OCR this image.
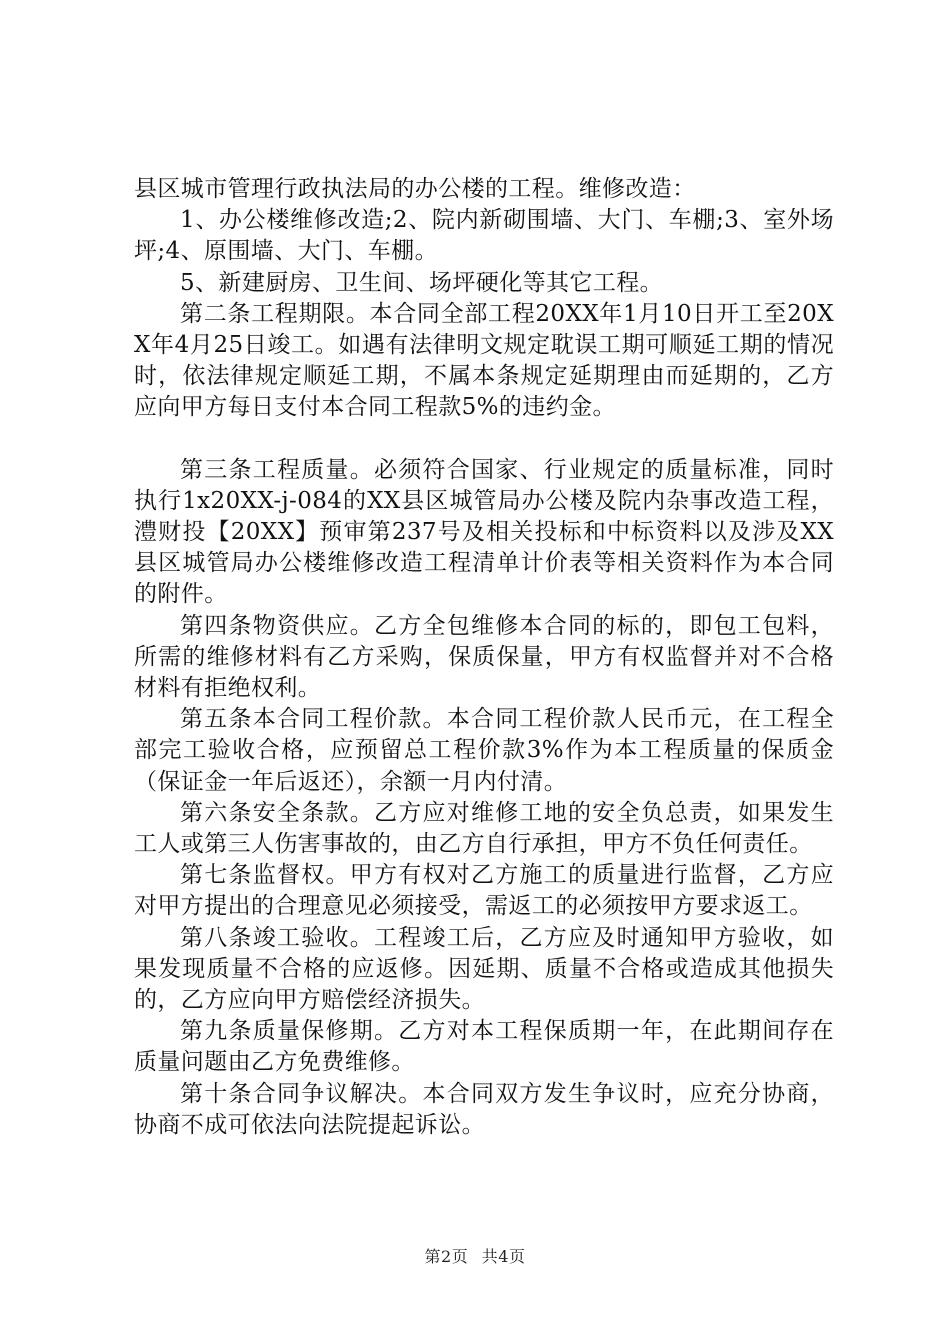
县区城市管理行政执法局的办公楼的工程。维修改造：

1、办公楼维修改造;2、院内新砌围墙、大门、车棚;3、室外场坪;4、原围墙、大门、车棚。

5、新建厨房、卫生间、场坪硬化等其它工程。

第二条工程期限。本合同全部工程20XX年1月10日开工至20XX年4月25日竣工。如遇有法律明文规定耽误工期可顺延工期的情况时，依法律规定顺延工期，不属本条规定延期理由而延期的，乙方应向甲方每日支付本合同工程款5%的违约金。

第三条工程质量。必须符合国家、行业规定的质量标准，同时执行1x20XX-j-084的XX县区城管局办公楼及院内杂事改造工程，澧财投【20XX】预审第237号及相关投标和中标资料以及涉及XX县区城管局办公楼维修改造工程清单计价表等相关资料作为本合同的附件。

第四条物资供应。乙方全包维修本合同的标的，即包工包料，所需的维修材料有乙方采购，保质保量，甲方有权监督并对不合格材料有拒绝权利。

第五条本合同工程价款。本合同工程价款人民币元，在工程全部完工验收合格，应预留总工程价款3%作为本工程质量的保质金（保证金一年后返还），余额一月内付清。

第六条安全条款。乙方应对维修工地的安全负总责，如果发生工人或第三人伤害事故的，由乙方自行承担，甲方不负任何责任。

第七条监督权。甲方有权对乙方施工的质量进行监督，乙方应对甲方提出的合理意见必须接受，需返工的必须按甲方要求返工。

第八条竣工验收。工程竣工后，乙方应及时通知甲方验收，如果发现质量不合格的应返修。因延期、质量不合格或造成其他损失的，乙方应向甲方赔偿经济损失。

第九条质量保修期。乙方对本工程保质期一年，在此期间存在质量问题由乙方免费维修。

第十条合同争议解决。本合同双方发生争议时，应充分协商，协商不成可依法向法院提起诉讼。

第2页 共4页
